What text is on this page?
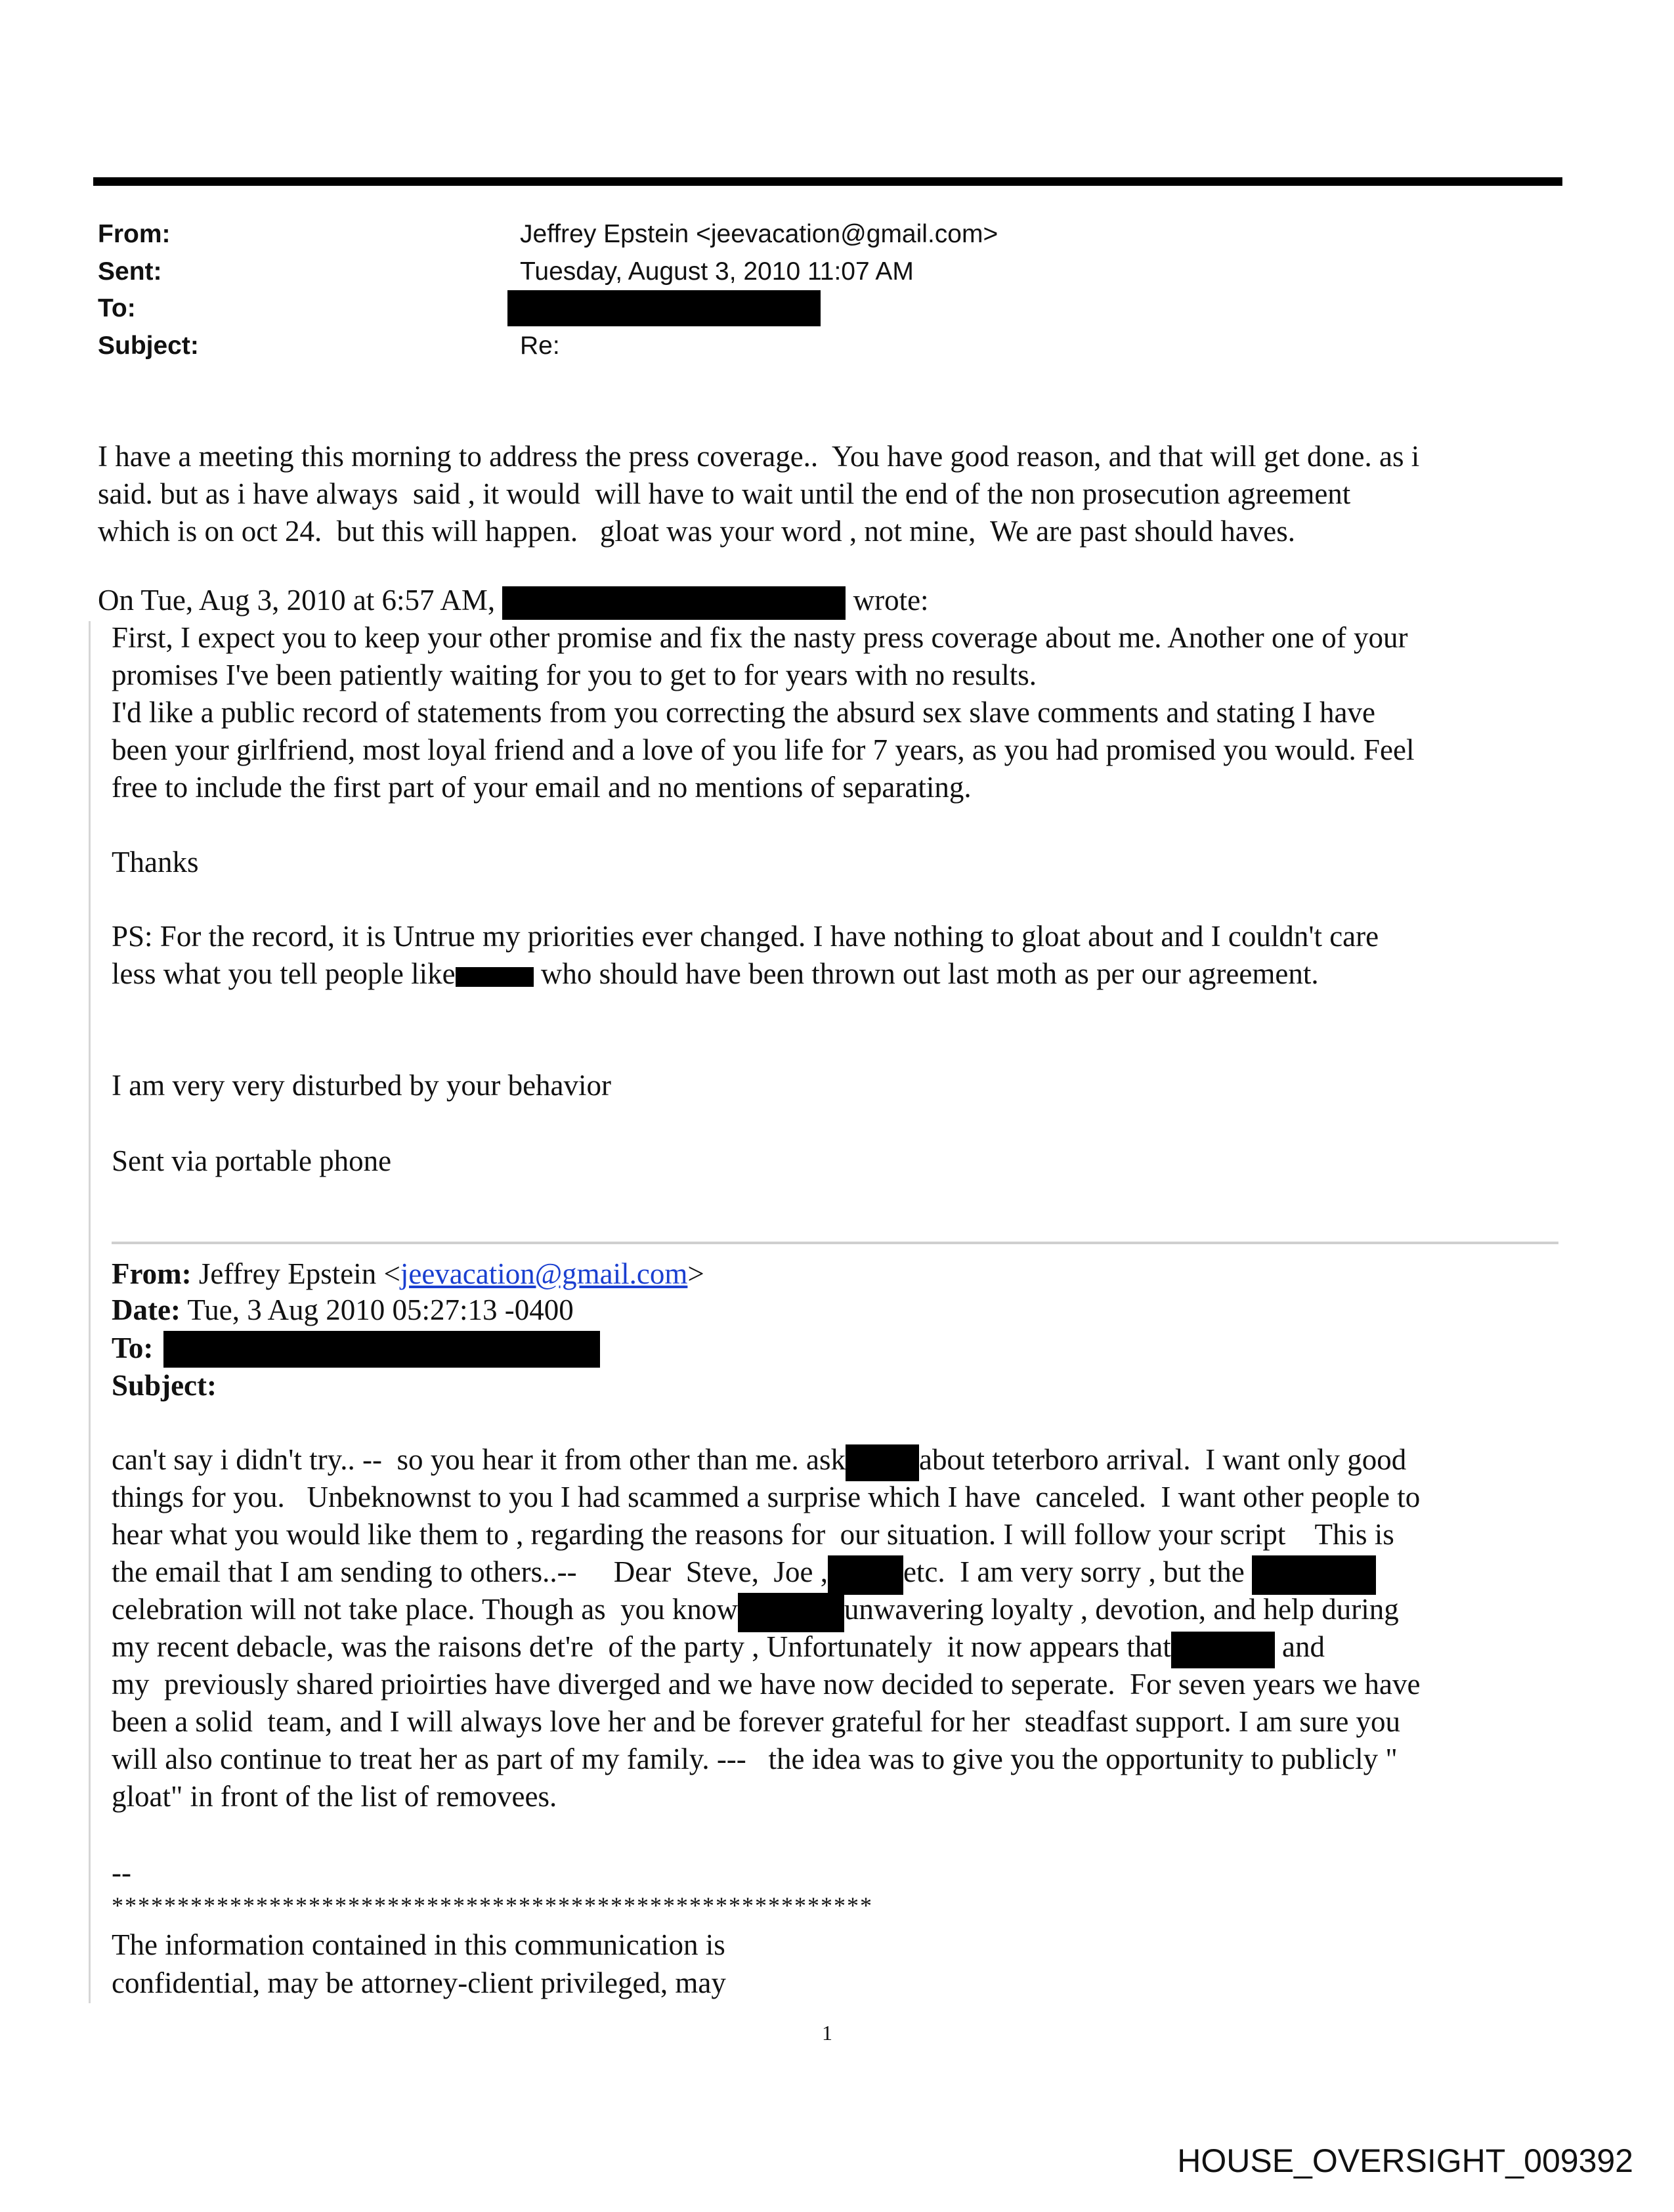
From:	Jeffrey Epstein <jeevacation@gmail.com>
Sent:	Tuesday, August 3, 2010 11:07 AM
To:
Subject:	Re:
I have a meeting this morning to address the press coverage..  You have good reason, and that will get done. as i
said. but as i have always  said , it would  will have to wait until the end of the non prosecution agreement
which is on oct 24.  but this will happen.   gloat was your word , not mine,  We are past should haves.
On Tue, Aug 3, 2010 at 6:57 AM,	wrote:
First, I expect you to keep your other promise and fix the nasty press coverage about me. Another one of your
promises I've been patiently waiting for you to get to for years with no results.
I'd like a public record of statements from you correcting the absurd sex slave comments and stating I have
been your girlfriend, most loyal friend and a love of you life for 7 years, as you had promised you would. Feel
free to include the first part of your email and no mentions of separating.
Thanks
PS: For the record, it is Untrue my priorities ever changed. I have nothing to gloat about and I couldn't care
less what you tell people like	who should have been thrown out last moth as per our agreement.
I am very very disturbed by your behavior
Sent via portable phone
From: Jeffrey Epstein <jeevacation@gmail.com>
Date: Tue, 3 Aug 2010 05:27:13 -0400
To:
Subject:
can't say i didn't try.. --  so you hear it from other than me. ask about teterboro arrival.  I want only good
things for you.   Unbeknownst to you I had scammed a surprise which I have  canceled.  I want other people to
hear what you would like them to , regarding the reasons for  our situation. I will follow your script    This is
the email that I am sending to others..--     Dear  Steve,  Joe ,	etc.  I am very sorry , but the
celebration will not take place. Though as  you know	unwavering loyalty , devotion, and help during
my recent debacle, was the raisons det're  of the party , Unfortunately  it now appears that	and
my  previously shared prioirties have diverged and we have now decided to seperate.  For seven years we have
been a solid  team, and I will always love her and be forever grateful for her  steadfast support. I am sure you
will also continue to treat her as part of my family. ---   the idea was to give you the opportunity to publicly "
gloat" in front of the list of removees.
--
**********************************************************
The information contained in this communication is
confidential, may be attorney-client privileged, may
1
HOUSE_OVERSIGHT_009392
